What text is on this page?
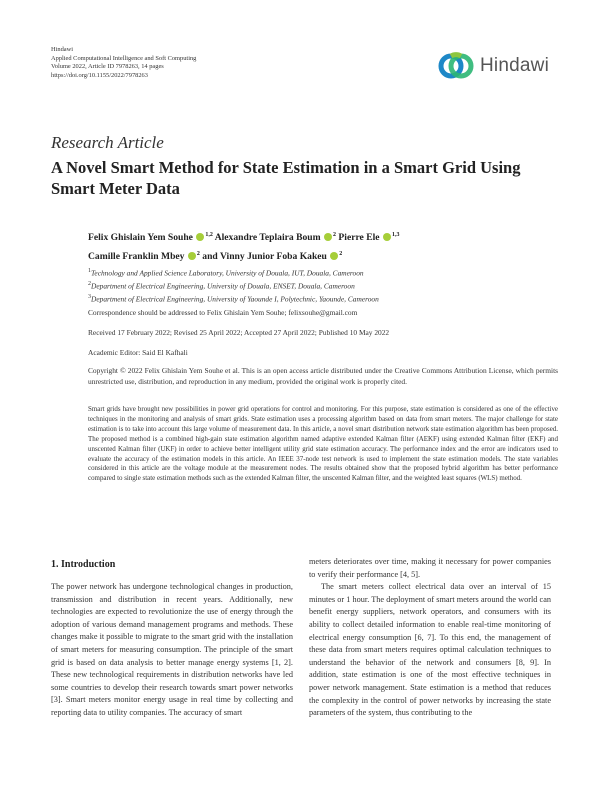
Hindawi
Applied Computational Intelligence and Soft Computing
Volume 2022, Article ID 7978263, 14 pages
https://doi.org/10.1155/2022/7978263	Hindawi
Research Article
A Novel Smart Method for State Estimation in a Smart Grid Using Smart Meter Data
Felix Ghislain Yem Souhe $^{1,2}$ Alexandre Teplaira Boum $^2$ Pierre Ele $^{1,3}$
Camille Franklin Mbey $^2$ and Vinny Junior Foba Kakeu $^2$
$^1$Technology and Applied Science Laboratory, University of Douala, IUT, Douala, Cameroon
$^2$Department of Electrical Engineering, University of Douala, ENSET, Douala, Cameroon
$^3$Department of Electrical Engineering, University of Yaounde I, Polytechnic, Yaounde, Cameroon
Correspondence should be addressed to Felix Ghislain Yem Souhe; felixsouhe@gmail.com
Received 17 February 2022; Revised 25 April 2022; Accepted 27 April 2022; Published 10 May 2022
Academic Editor: Said El Kafhali
Copyright © 2022 Felix Ghislain Yem Souhe et al. This is an open access article distributed under the Creative Commons Attribution License, which permits unrestricted use, distribution, and reproduction in any medium, provided the original work is properly cited.
Smart grids have brought new possibilities in power grid operations for control and monitoring. For this purpose, state estimation is considered as one of the effective techniques in the monitoring and analysis of smart grids. State estimation uses a processing algorithm based on data from smart meters. The major challenge for state estimation is to take into account this large volume of measurement data. In this article, a novel smart distribution network state estimation algorithm has been proposed. The proposed method is a combined high-gain state estimation algorithm named adaptive extended Kalman filter (AEKF) using extended Kalman filter (EKF) and unscented Kalman filter (UKF) in order to achieve better intelligent utility grid state estimation accuracy. The performance index and the error are indicators used to evaluate the accuracy of the estimation models in this article. An IEEE 37-node test network is used to implement the state estimation models. The state variables considered in this article are the voltage module at the measurement nodes. The results obtained show that the proposed hybrid algorithm has better performance compared to single state estimation methods such as the extended Kalman filter, the unscented Kalman filter, and the weighted least squares (WLS) method.
1. Introduction

The power network has undergone technological changes in production, transmission and distribution in recent years. Additionally, new technologies are expected to revolutionize the use of energy through the adoption of various demand management programs and methods. These changes make it possible to migrate to the smart grid with the installation of smart meters for measuring consumption. The principle of the smart grid is based on data analysis to better manage energy systems [1, 2]. These new technological requirements in distribution networks have led some countries to develop their research towards smart power networks [3]. Smart meters monitor energy usage in real time by collecting and reporting data to utility companies. The accuracy of smart

meters deteriorates over time, making it necessary for power companies to verify their performance [4, 5].

The smart meters collect electrical data over an interval of 15 minutes or 1 hour. The deployment of smart meters around the world can benefit energy suppliers, network operators, and consumers with its ability to collect detailed information to enable real-time monitoring of electrical energy consumption [6, 7]. To this end, the management of these data from smart meters requires optimal calculation techniques to understand the behavior of the network and consumers [8, 9]. In addition, state estimation is one of the most effective techniques in power network management. State estimation is a method that reduces the complexity in the control of power networks by increasing the state parameters of the system, thus contributing to the
